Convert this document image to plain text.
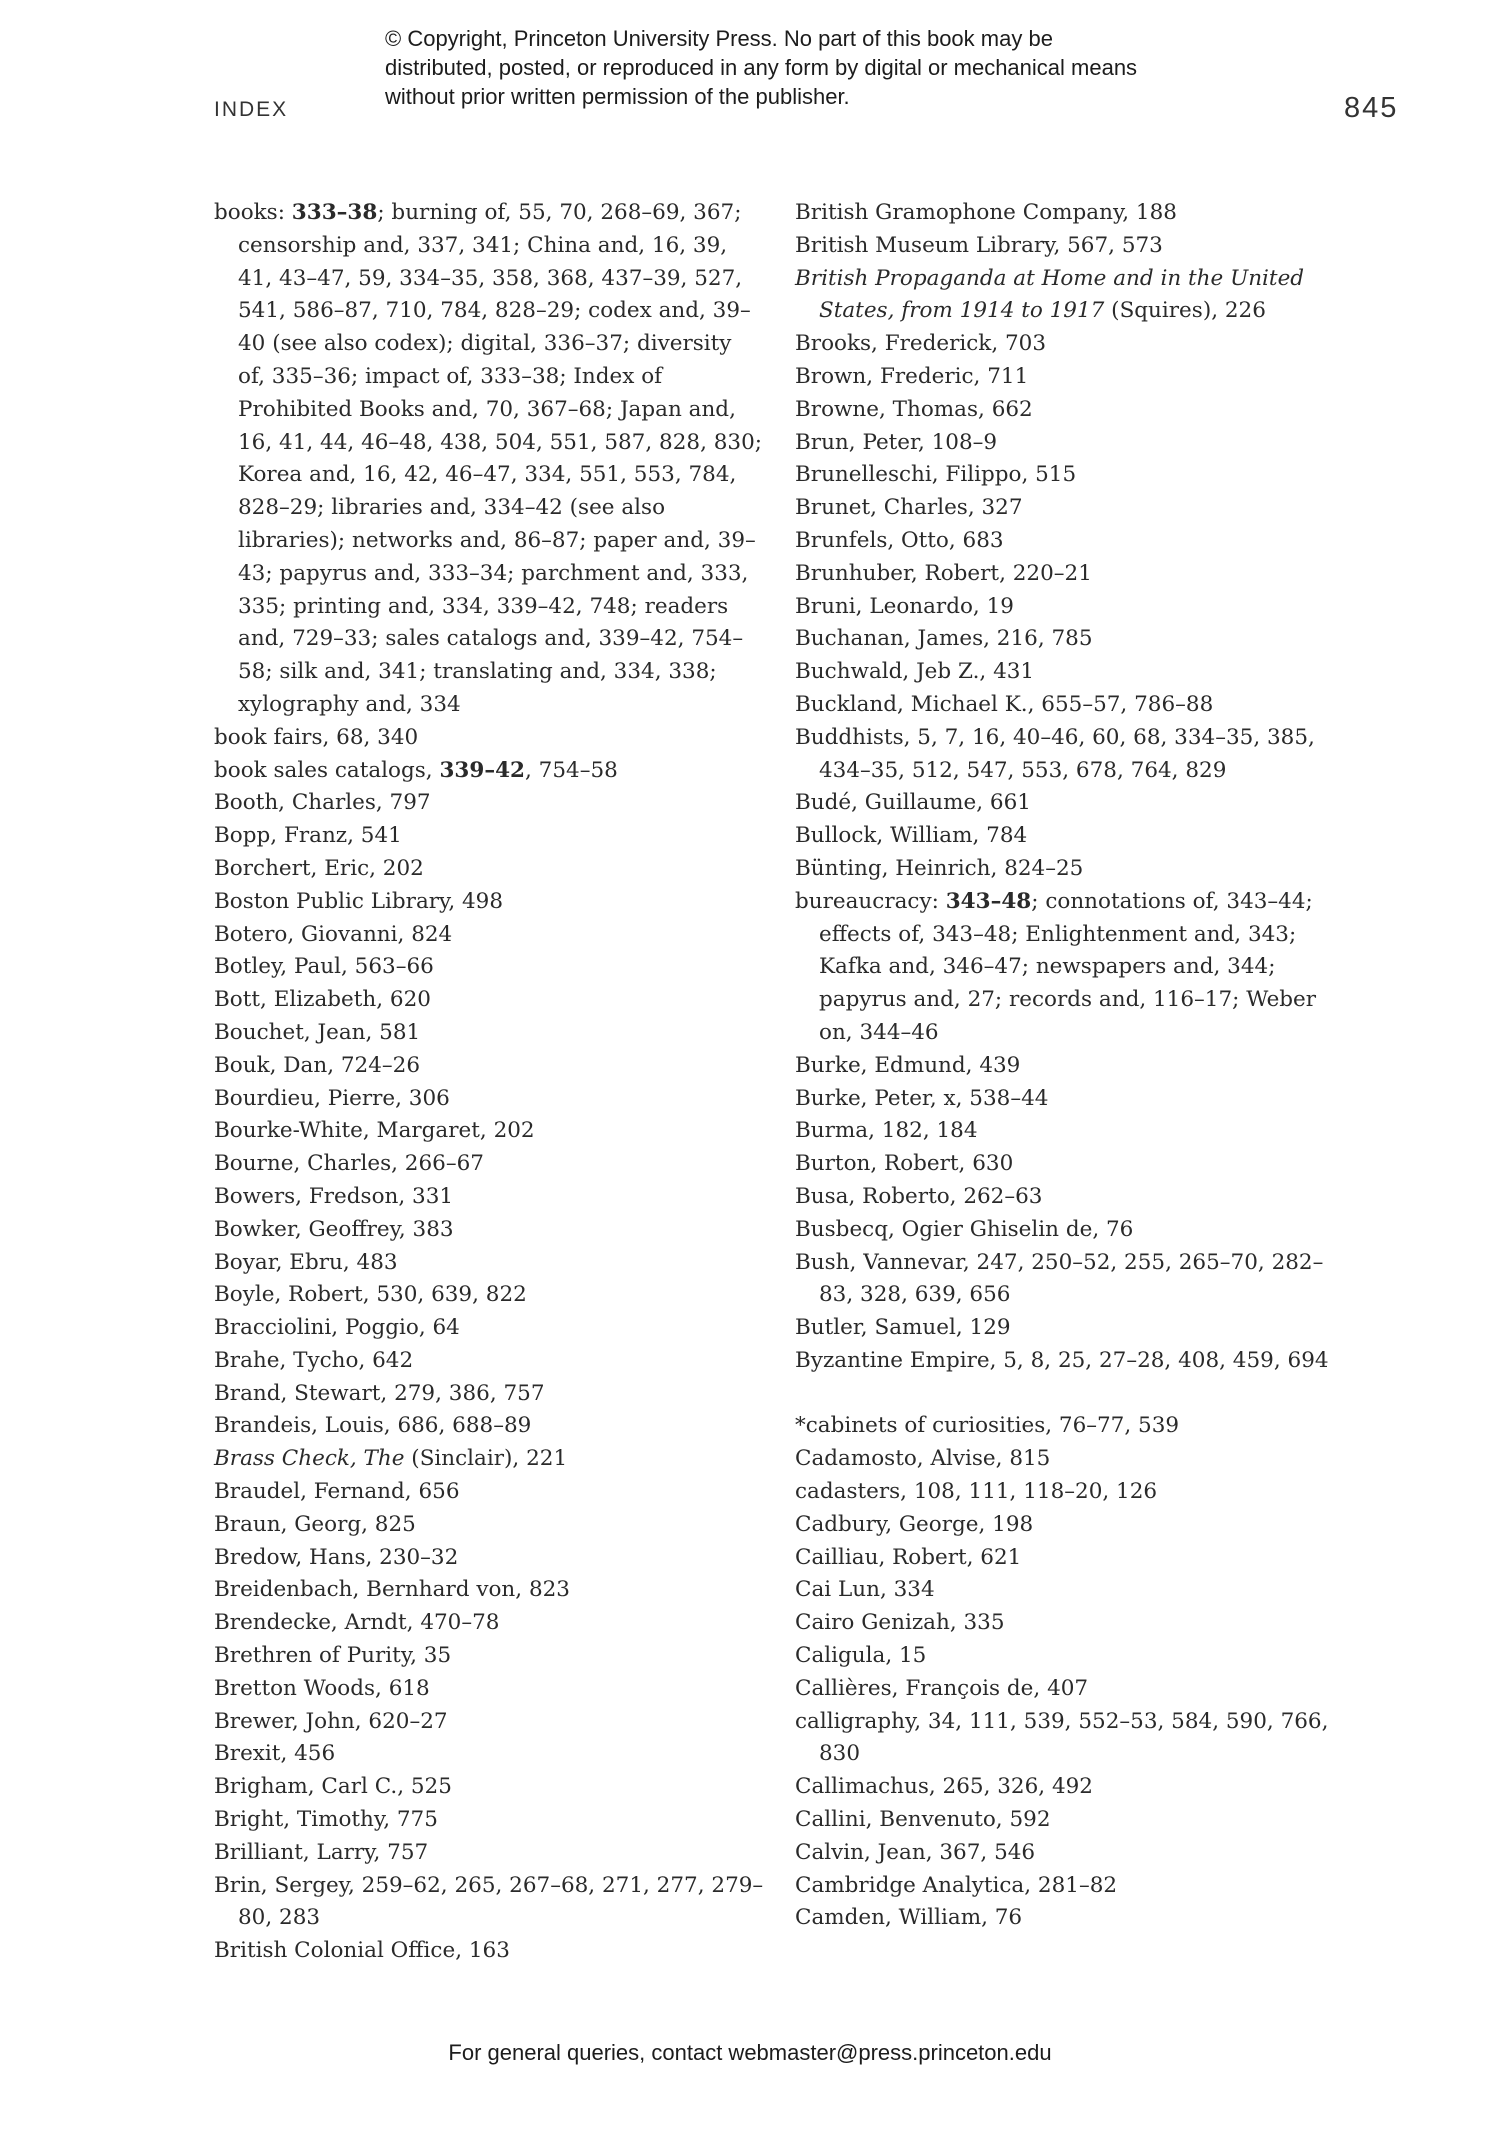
© Copyright, Princeton University Press. No part of this book may be distributed, posted, or reproduced in any form by digital or mechanical means without prior written permission of the publisher.
INDEX	845
books: 333–38; burning of, 55, 70, 268–69, 367; censorship and, 337, 341; China and, 16, 39, 41, 43–47, 59, 334–35, 358, 368, 437–39, 527, 541, 586–87, 710, 784, 828–29; codex and, 39–40 (see also codex); digital, 336–37; diversity of, 335–36; impact of, 333–38; Index of Prohibited Books and, 70, 367–68; Japan and, 16, 41, 44, 46–48, 438, 504, 551, 587, 828, 830; Korea and, 16, 42, 46–47, 334, 551, 553, 784, 828–29; libraries and, 334–42 (see also libraries); networks and, 86–87; paper and, 39–43; papyrus and, 333–34; parchment and, 333, 335; printing and, 334, 339–42, 748; readers and, 729–33; sales catalogs and, 339–42, 754–58; silk and, 341; translating and, 334, 338; xylography and, 334
book fairs, 68, 340
book sales catalogs, 339–42, 754–58
Booth, Charles, 797
Bopp, Franz, 541
Borchert, Eric, 202
Boston Public Library, 498
Botero, Giovanni, 824
Botley, Paul, 563–66
Bott, Elizabeth, 620
Bouchet, Jean, 581
Bouk, Dan, 724–26
Bourdieu, Pierre, 306
Bourke-White, Margaret, 202
Bourne, Charles, 266–67
Bowers, Fredson, 331
Bowker, Geoffrey, 383
Boyar, Ebru, 483
Boyle, Robert, 530, 639, 822
Bracciolini, Poggio, 64
Brahe, Tycho, 642
Brand, Stewart, 279, 386, 757
Brandeis, Louis, 686, 688–89
Brass Check, The (Sinclair), 221
Braudel, Fernand, 656
Braun, Georg, 825
Bredow, Hans, 230–32
Breidenbach, Bernhard von, 823
Brendecke, Arndt, 470–78
Brethren of Purity, 35
Bretton Woods, 618
Brewer, John, 620–27
Brexit, 456
Brigham, Carl C., 525
Bright, Timothy, 775
Brilliant, Larry, 757
Brin, Sergey, 259–62, 265, 267–68, 271, 277, 279–80, 283
British Colonial Office, 163
British Gramophone Company, 188
British Museum Library, 567, 573
British Propaganda at Home and in the United States, from 1914 to 1917 (Squires), 226
Brooks, Frederick, 703
Brown, Frederic, 711
Browne, Thomas, 662
Brun, Peter, 108–9
Brunelleschi, Filippo, 515
Brunet, Charles, 327
Brunfels, Otto, 683
Brunhuber, Robert, 220–21
Bruni, Leonardo, 19
Buchanan, James, 216, 785
Buchwald, Jeb Z., 431
Buckland, Michael K., 655–57, 786–88
Buddhists, 5, 7, 16, 40–46, 60, 68, 334–35, 385, 434–35, 512, 547, 553, 678, 764, 829
Budé, Guillaume, 661
Bullock, William, 784
Bünting, Heinrich, 824–25
bureaucracy: 343–48; connotations of, 343–44; effects of, 343–48; Enlightenment and, 343; Kafka and, 346–47; newspapers and, 344; papyrus and, 27; records and, 116–17; Weber on, 344–46
Burke, Edmund, 439
Burke, Peter, x, 538–44
Burma, 182, 184
Burton, Robert, 630
Busa, Roberto, 262–63
Busbecq, Ogier Ghiselin de, 76
Bush, Vannevar, 247, 250–52, 255, 265–70, 282–83, 328, 639, 656
Butler, Samuel, 129
Byzantine Empire, 5, 8, 25, 27–28, 408, 459, 694
*cabinets of curiosities, 76–77, 539
Cadamosto, Alvise, 815
cadasters, 108, 111, 118–20, 126
Cadbury, George, 198
Cailliau, Robert, 621
Cai Lun, 334
Cairo Genizah, 335
Caligula, 15
Callières, François de, 407
calligraphy, 34, 111, 539, 552–53, 584, 590, 766, 830
Callimachus, 265, 326, 492
Callini, Benvenuto, 592
Calvin, Jean, 367, 546
Cambridge Analytica, 281–82
Camden, William, 76
For general queries, contact webmaster@press.princeton.edu
